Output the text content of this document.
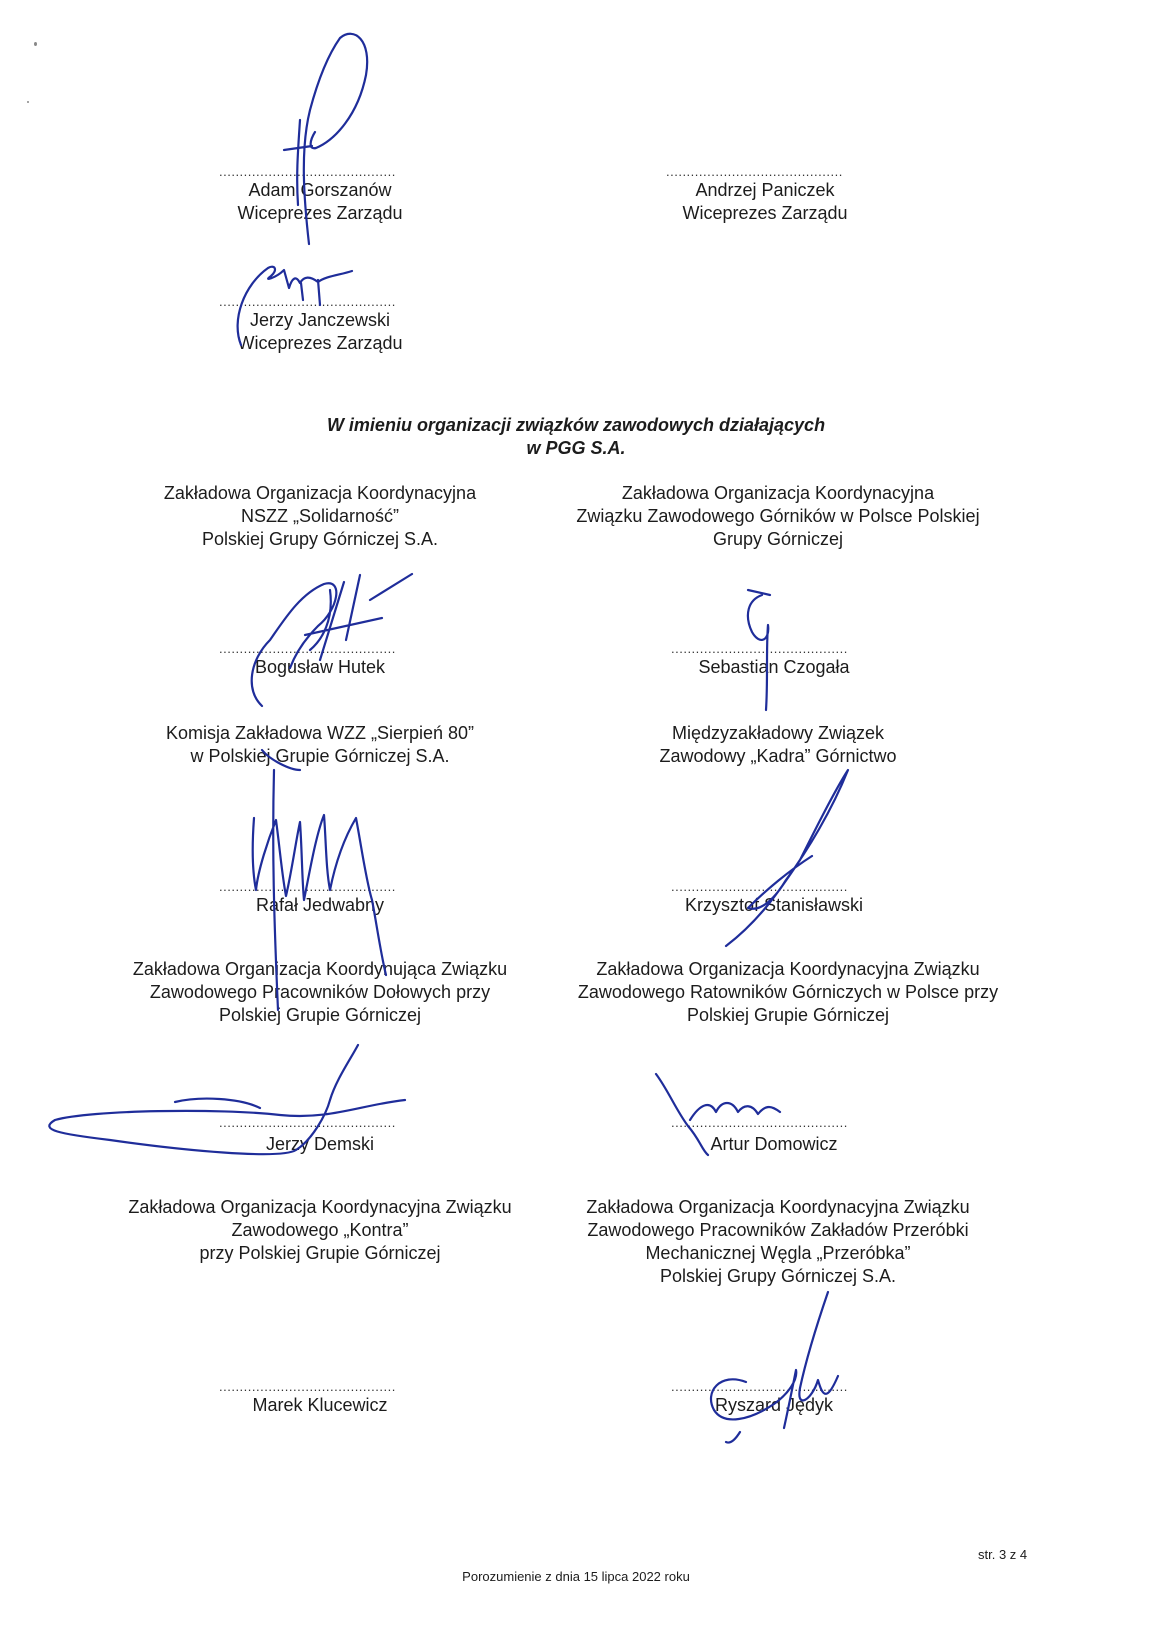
...........................................
Adam Gorszanów
Wiceprezes Zarządu
...........................................
Andrzej Paniczek
Wiceprezes Zarządu
...........................................
Jerzy Janczewski
Wiceprezes Zarządu
W imieniu organizacji związków zawodowych działających
w PGG S.A.
Zakładowa Organizacja Koordynacyjna
NSZZ „Solidarność”
Polskiej Grupy Górniczej S.A.
...........................................
Bogusław Hutek
Komisja Zakładowa WZZ „Sierpień 80”
w Polskiej Grupie Górniczej S.A.
...........................................
Rafał Jedwabny
Zakładowa Organizacja Koordynująca Związku
Zawodowego Pracowników Dołowych przy
Polskiej Grupie Górniczej
...........................................
Jerzy Demski
Zakładowa Organizacja Koordynacyjna Związku
Zawodowego „Kontra”
przy Polskiej Grupie Górniczej
...........................................
Marek Klucewicz
Zakładowa Organizacja Koordynacyjna
Związku Zawodowego Górników w Polsce Polskiej
Grupy Górniczej
...........................................
Sebastian Czogała
Międzyzakładowy Związek
Zawodowy „Kadra” Górnictwo
...........................................
Krzysztof Stanisławski
Zakładowa Organizacja Koordynacyjna Związku
Zawodowego Ratowników Górniczych w Polsce przy
Polskiej Grupie Górniczej
...........................................
Artur Domowicz
Zakładowa Organizacja Koordynacyjna Związku
Zawodowego Pracowników Zakładów Przeróbki
Mechanicznej Węgla „Przeróbka”
Polskiej Grupy Górniczej S.A.
...........................................
Ryszard Jędyk
str. 3 z 4
Porozumienie z dnia 15 lipca 2022 roku
